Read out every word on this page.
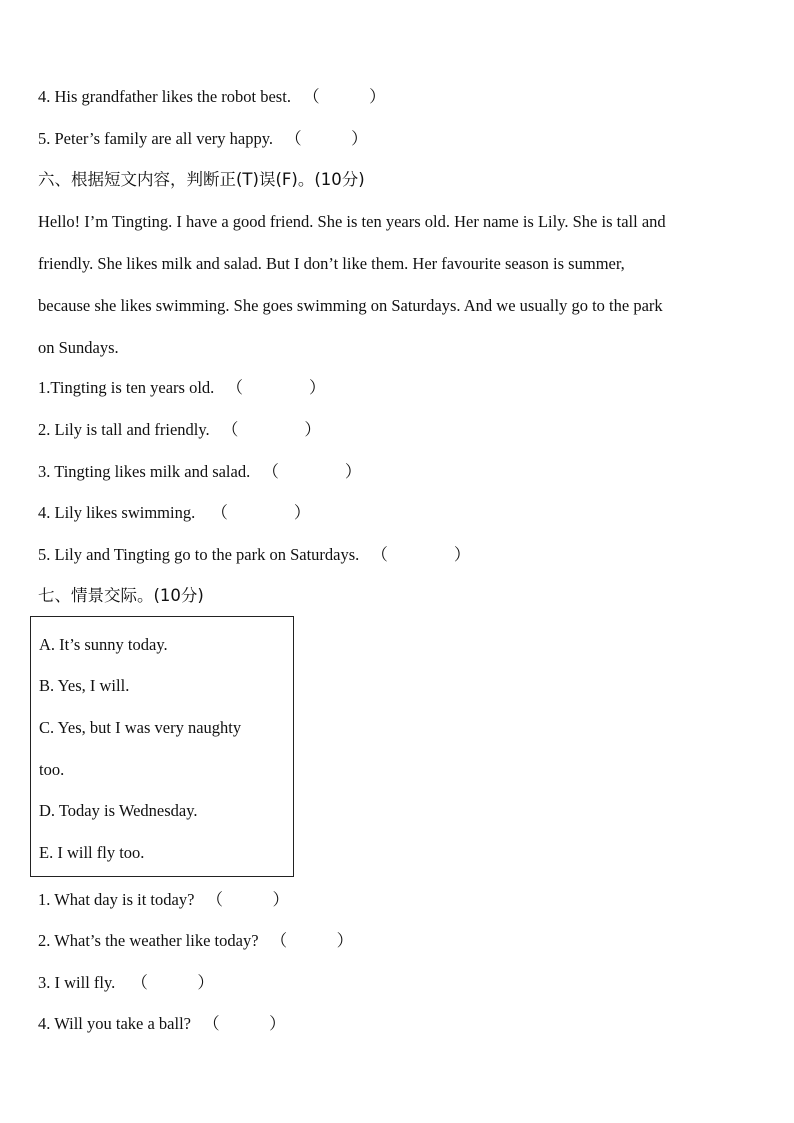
4. His grandfather likes the robot best. （　　　）
5. Peter’s family are all very happy. （　　　）
六、根据短文内容，判断正(T)误(F)。(10分)
Hello! I’m Tingting. I have a good friend. She is ten years old. Her name is Lily. She is tall and
friendly. She likes milk and salad. But I don’t like them. Her favourite season is summer,
because she likes swimming. She goes swimming on Saturdays. And we usually go to the park
on Sundays.
1.Tingting is ten years old. （　　　　）
2. Lily is tall and friendly. （　　　　）
3. Tingting likes milk and salad. （　　　　）
4. Lily likes swimming. （　　　　）
5. Lily and Tingting go to the park on Saturdays. （　　　　）
七、情景交际。(10分)
A. It’s sunny today.
B. Yes, I will.
C. Yes, but I was very naughty
too.
D. Today is Wednesday.
E. I will fly too.
1. What day is it today? （　　　）
2. What’s the weather like today? （　　　）
3. I will fly. （　　　）
4. Will you take a ball? （　　　）
